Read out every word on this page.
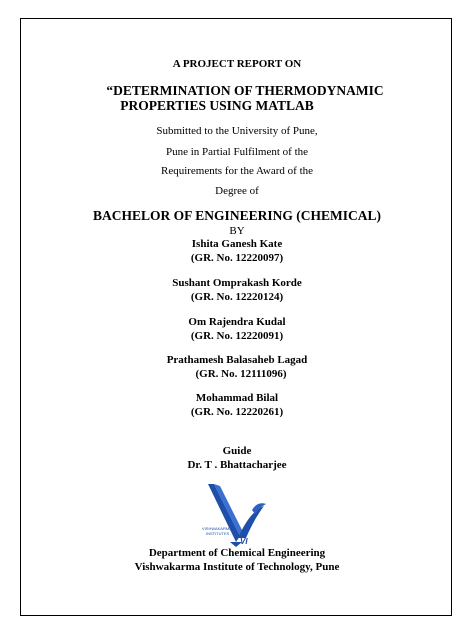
A PROJECT REPORT ON
“DETERMINATION OF THERMODYNAMIC
PROPERTIES USING MATLAB
Submitted to the University of Pune,
Pune in Partial Fulfilment of the
Requirements for the Award of the
Degree of
BACHELOR OF ENGINEERING (CHEMICAL)
BY
Ishita Ganesh Kate
(GR. No. 12220097)
Sushant Omprakash Korde
(GR. No. 12220124)
Om Rajendra Kudal
(GR. No. 12220091)
Prathamesh Balasaheb Lagad
(GR. No. 12111096)
Mohammad Bilal
(GR. No. 12220261)
Guide
Dr. T . Bhattacharjee
VISHWAKARMA
INSTITUTES
VI
Department of Chemical Engineering
Vishwakarma Institute of Technology, Pune
